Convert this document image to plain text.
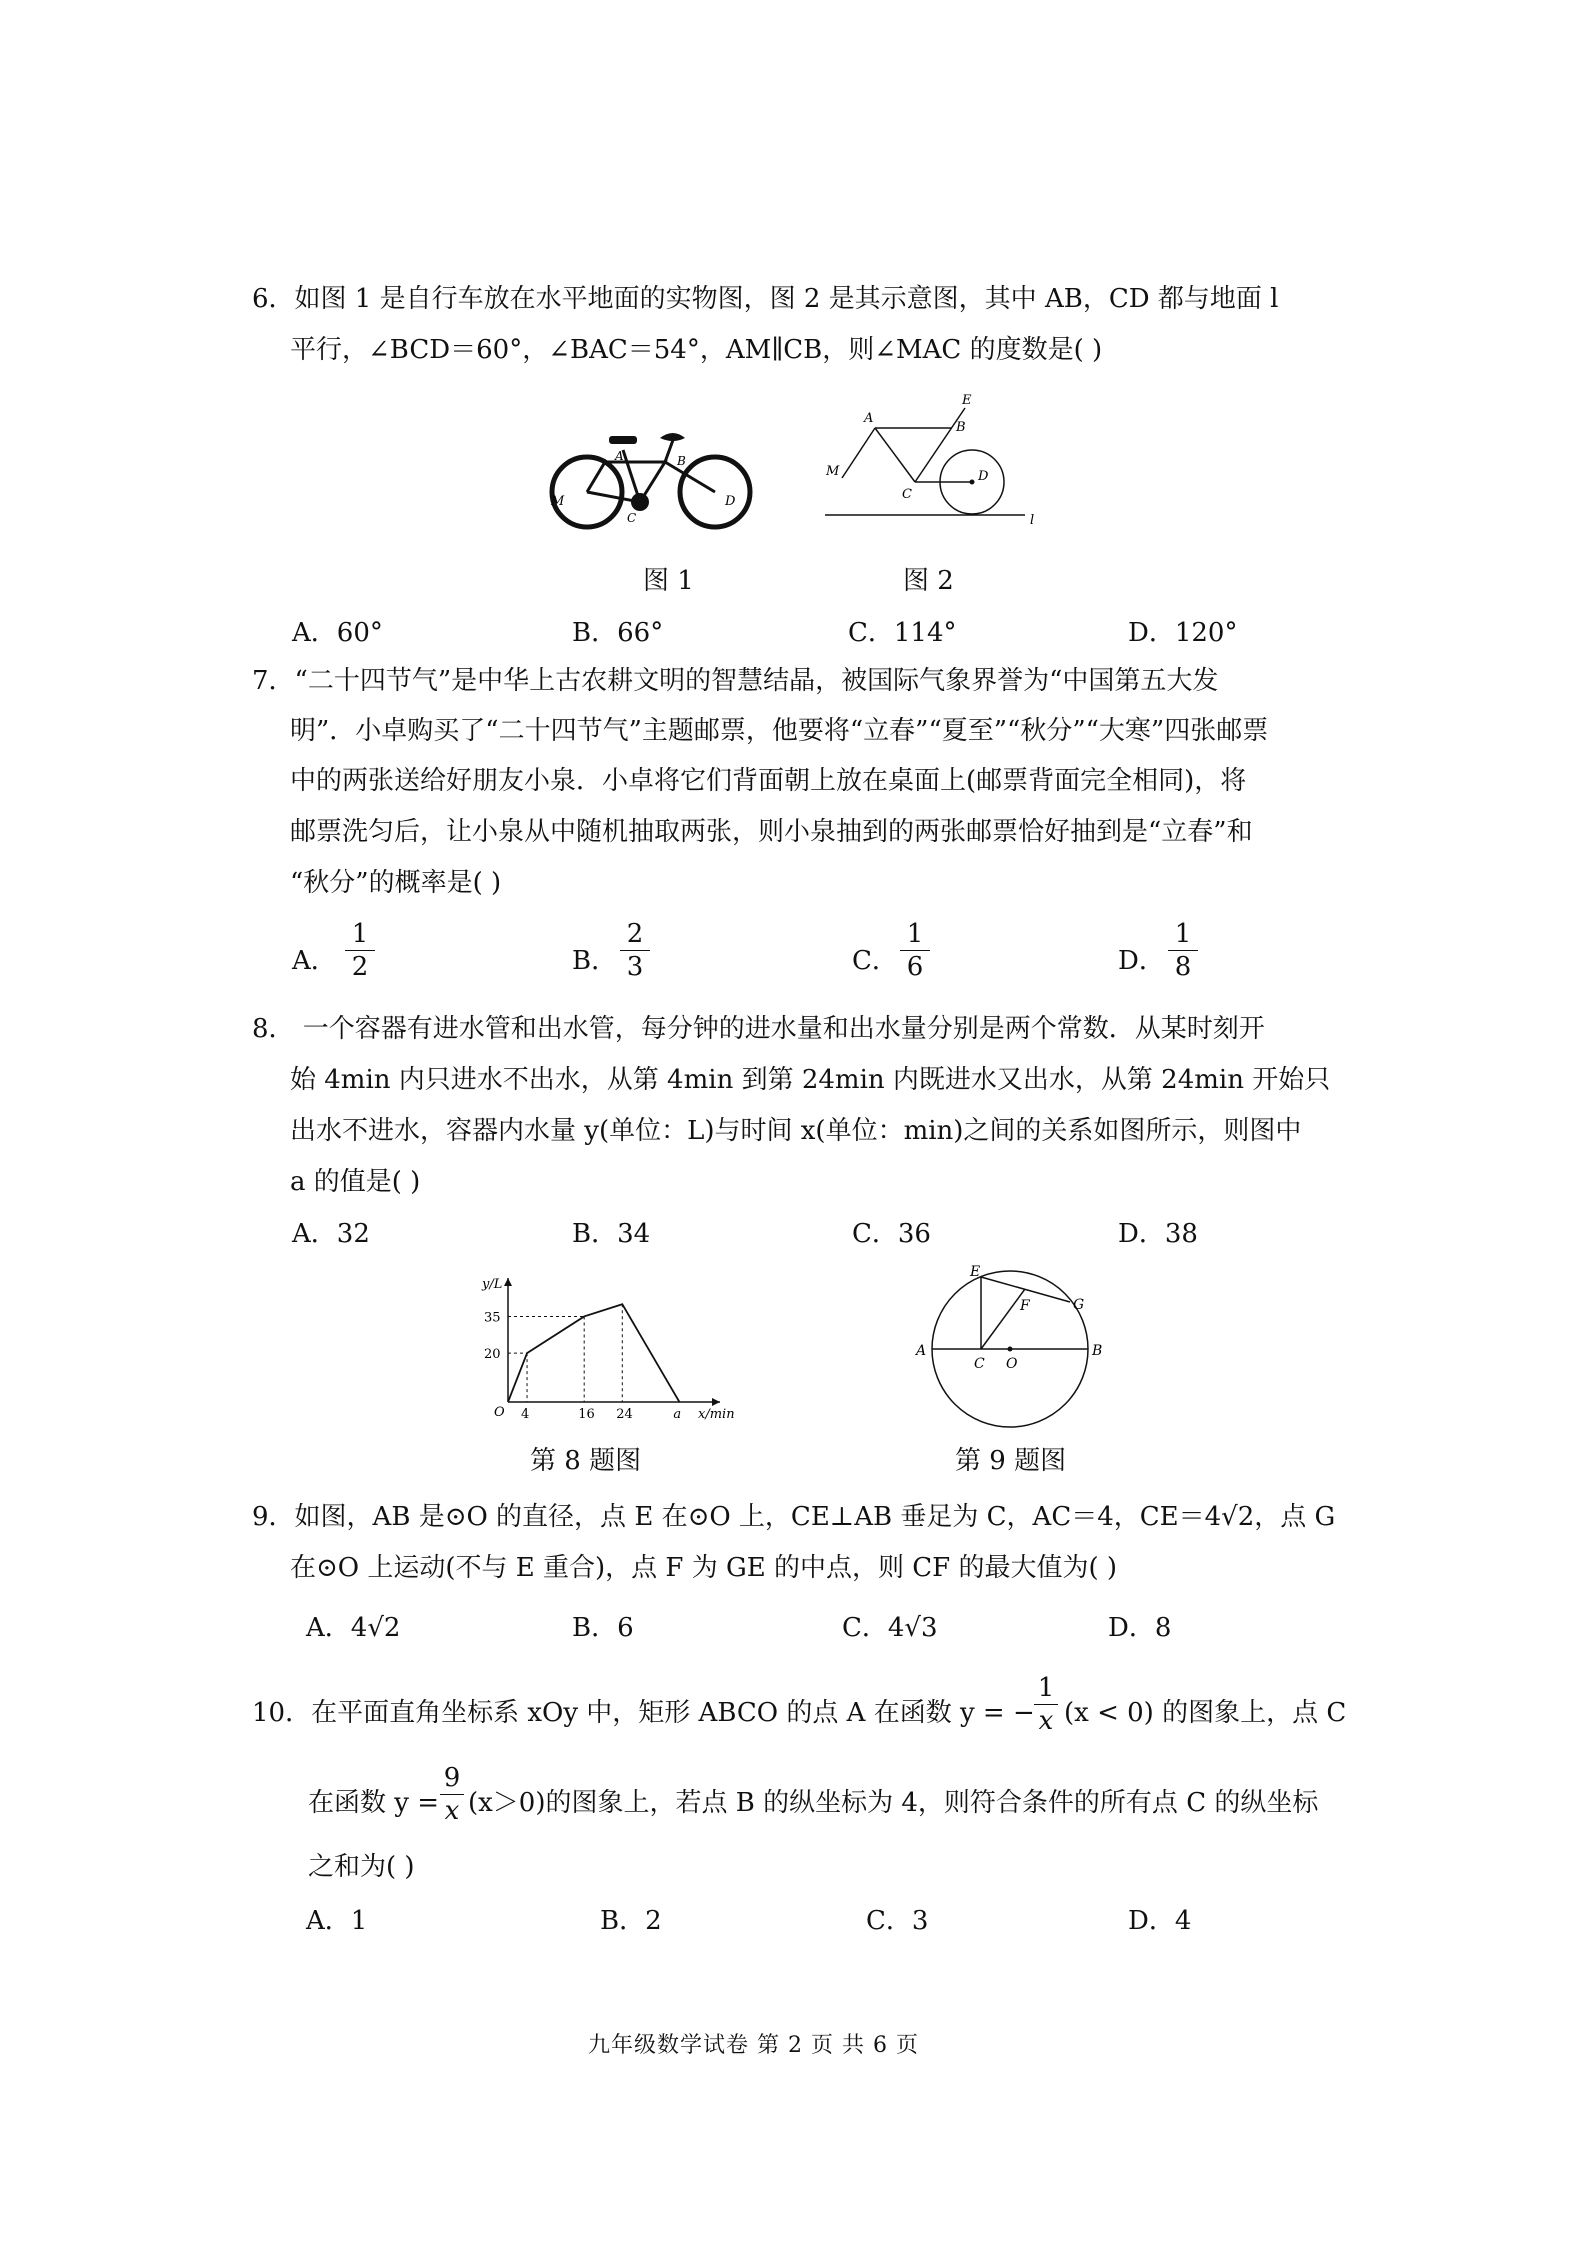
6．如图 1 是自行车放在水平地面的实物图，图 2 是其示意图，其中 AB，CD 都与地面 l
平行，∠BCD＝60°，∠BAC＝54°，AM∥CB，则∠MAC 的度数是( )
M
A	B
C
D
图 1
E
A
B
M
C
D
l
图 2
A．60°	B．66°	C．114°	D．120°
7．“二十四节气”是中华上古农耕文明的智慧结晶，被国际气象界誉为“中国第五大发
明”．小卓购买了“二十四节气”主题邮票，他要将“立春”“夏至”“秋分”“大寒”四张邮票
中的两张送给好朋友小泉．小卓将它们背面朝上放在桌面上(邮票背面完全相同)，将
邮票洗匀后，让小泉从中随机抽取两张，则小泉抽到的两张邮票恰好抽到是“立春”和
“秋分”的概率是( )
A． $\frac{1}{2}$	B． $\frac{2}{3}$	C． $\frac{1}{6}$	D． $\frac{1}{8}$
8． 一个容器有进水管和出水管，每分钟的进水量和出水量分别是两个常数．从某时刻开
始 4min 内只进水不出水，从第 4min 到第 24min 内既进水又出水，从第 24min 开始只
出水不进水，容器内水量 y(单位：L)与时间 x(单位：min)之间的关系如图所示，则图中
a 的值是( )
A．32	B．34	C．36	D．38
y/L
x/min
O 4	16 24	a
20
35
第 8 题图
E
F	G
A	B
C O
第 9 题图
9．如图，AB 是⊙O 的直径，点 E 在⊙O 上，CE⊥AB 垂足为 C，AC＝4，CE＝4√2，点 G
在⊙O 上运动(不与 E 重合)，点 F 为 GE 的中点，则 CF 的最大值为( )
A．4√2	B．6	C．4√3	D．8
10．在平面直角坐标系 xOy 中，矩形 ABCO 的点 A 在函数 y = − $\frac{1}{x} (x < 0)$ 的图象上，点 C
在函数 $y = \frac{9}{x} (x>0)$的图象上，若点 B 的纵坐标为 4，则符合条件的所有点 C 的纵坐标
之和为( )
A．1	B．2	C．3	D．4
九年级数学试卷 第 2 页 共 6 页
